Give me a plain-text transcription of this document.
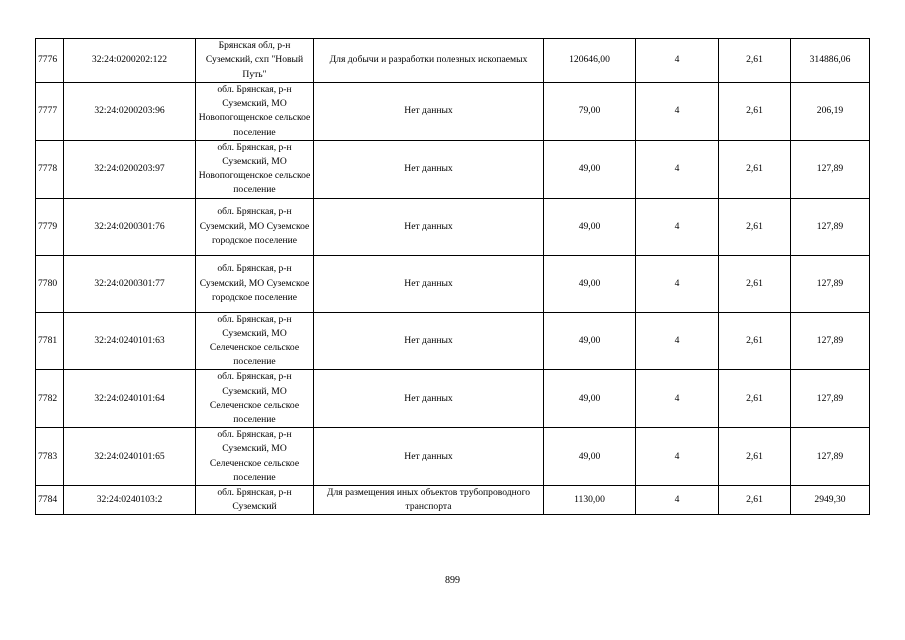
7776	32:24:0200202:122	Брянская обл, р-н Суземский, схп "Новый Путь"	Для добычи и разработки полезных ископаемых	120646,00	4	2,61	314886,06
7777	32:24:0200203:96	обл. Брянская, р-н Суземский, МО Новопогощенское сельское поселение	Нет данных	79,00	4	2,61	206,19
7778	32:24:0200203:97	обл. Брянская, р-н Суземский, МО Новопогощенское сельское поселение	Нет данных	49,00	4	2,61	127,89
7779	32:24:0200301:76	обл. Брянская, р-н Суземский, МО Суземское городское поселение	Нет данных	49,00	4	2,61	127,89
7780	32:24:0200301:77	обл. Брянская, р-н Суземский, МО Суземское городское поселение	Нет данных	49,00	4	2,61	127,89
7781	32:24:0240101:63	обл. Брянская, р-н Суземский, МО Селеченское сельское поселение	Нет данных	49,00	4	2,61	127,89
7782	32:24:0240101:64	обл. Брянская, р-н Суземский, МО Селеченское сельское поселение	Нет данных	49,00	4	2,61	127,89
7783	32:24:0240101:65	обл. Брянская, р-н Суземский, МО Селеченское сельское поселение	Нет данных	49,00	4	2,61	127,89
7784	32:24:0240103:2	обл. Брянская, р-н Суземский	Для размещения иных объектов трубопроводного транспорта	1130,00	4	2,61	2949,30
899
